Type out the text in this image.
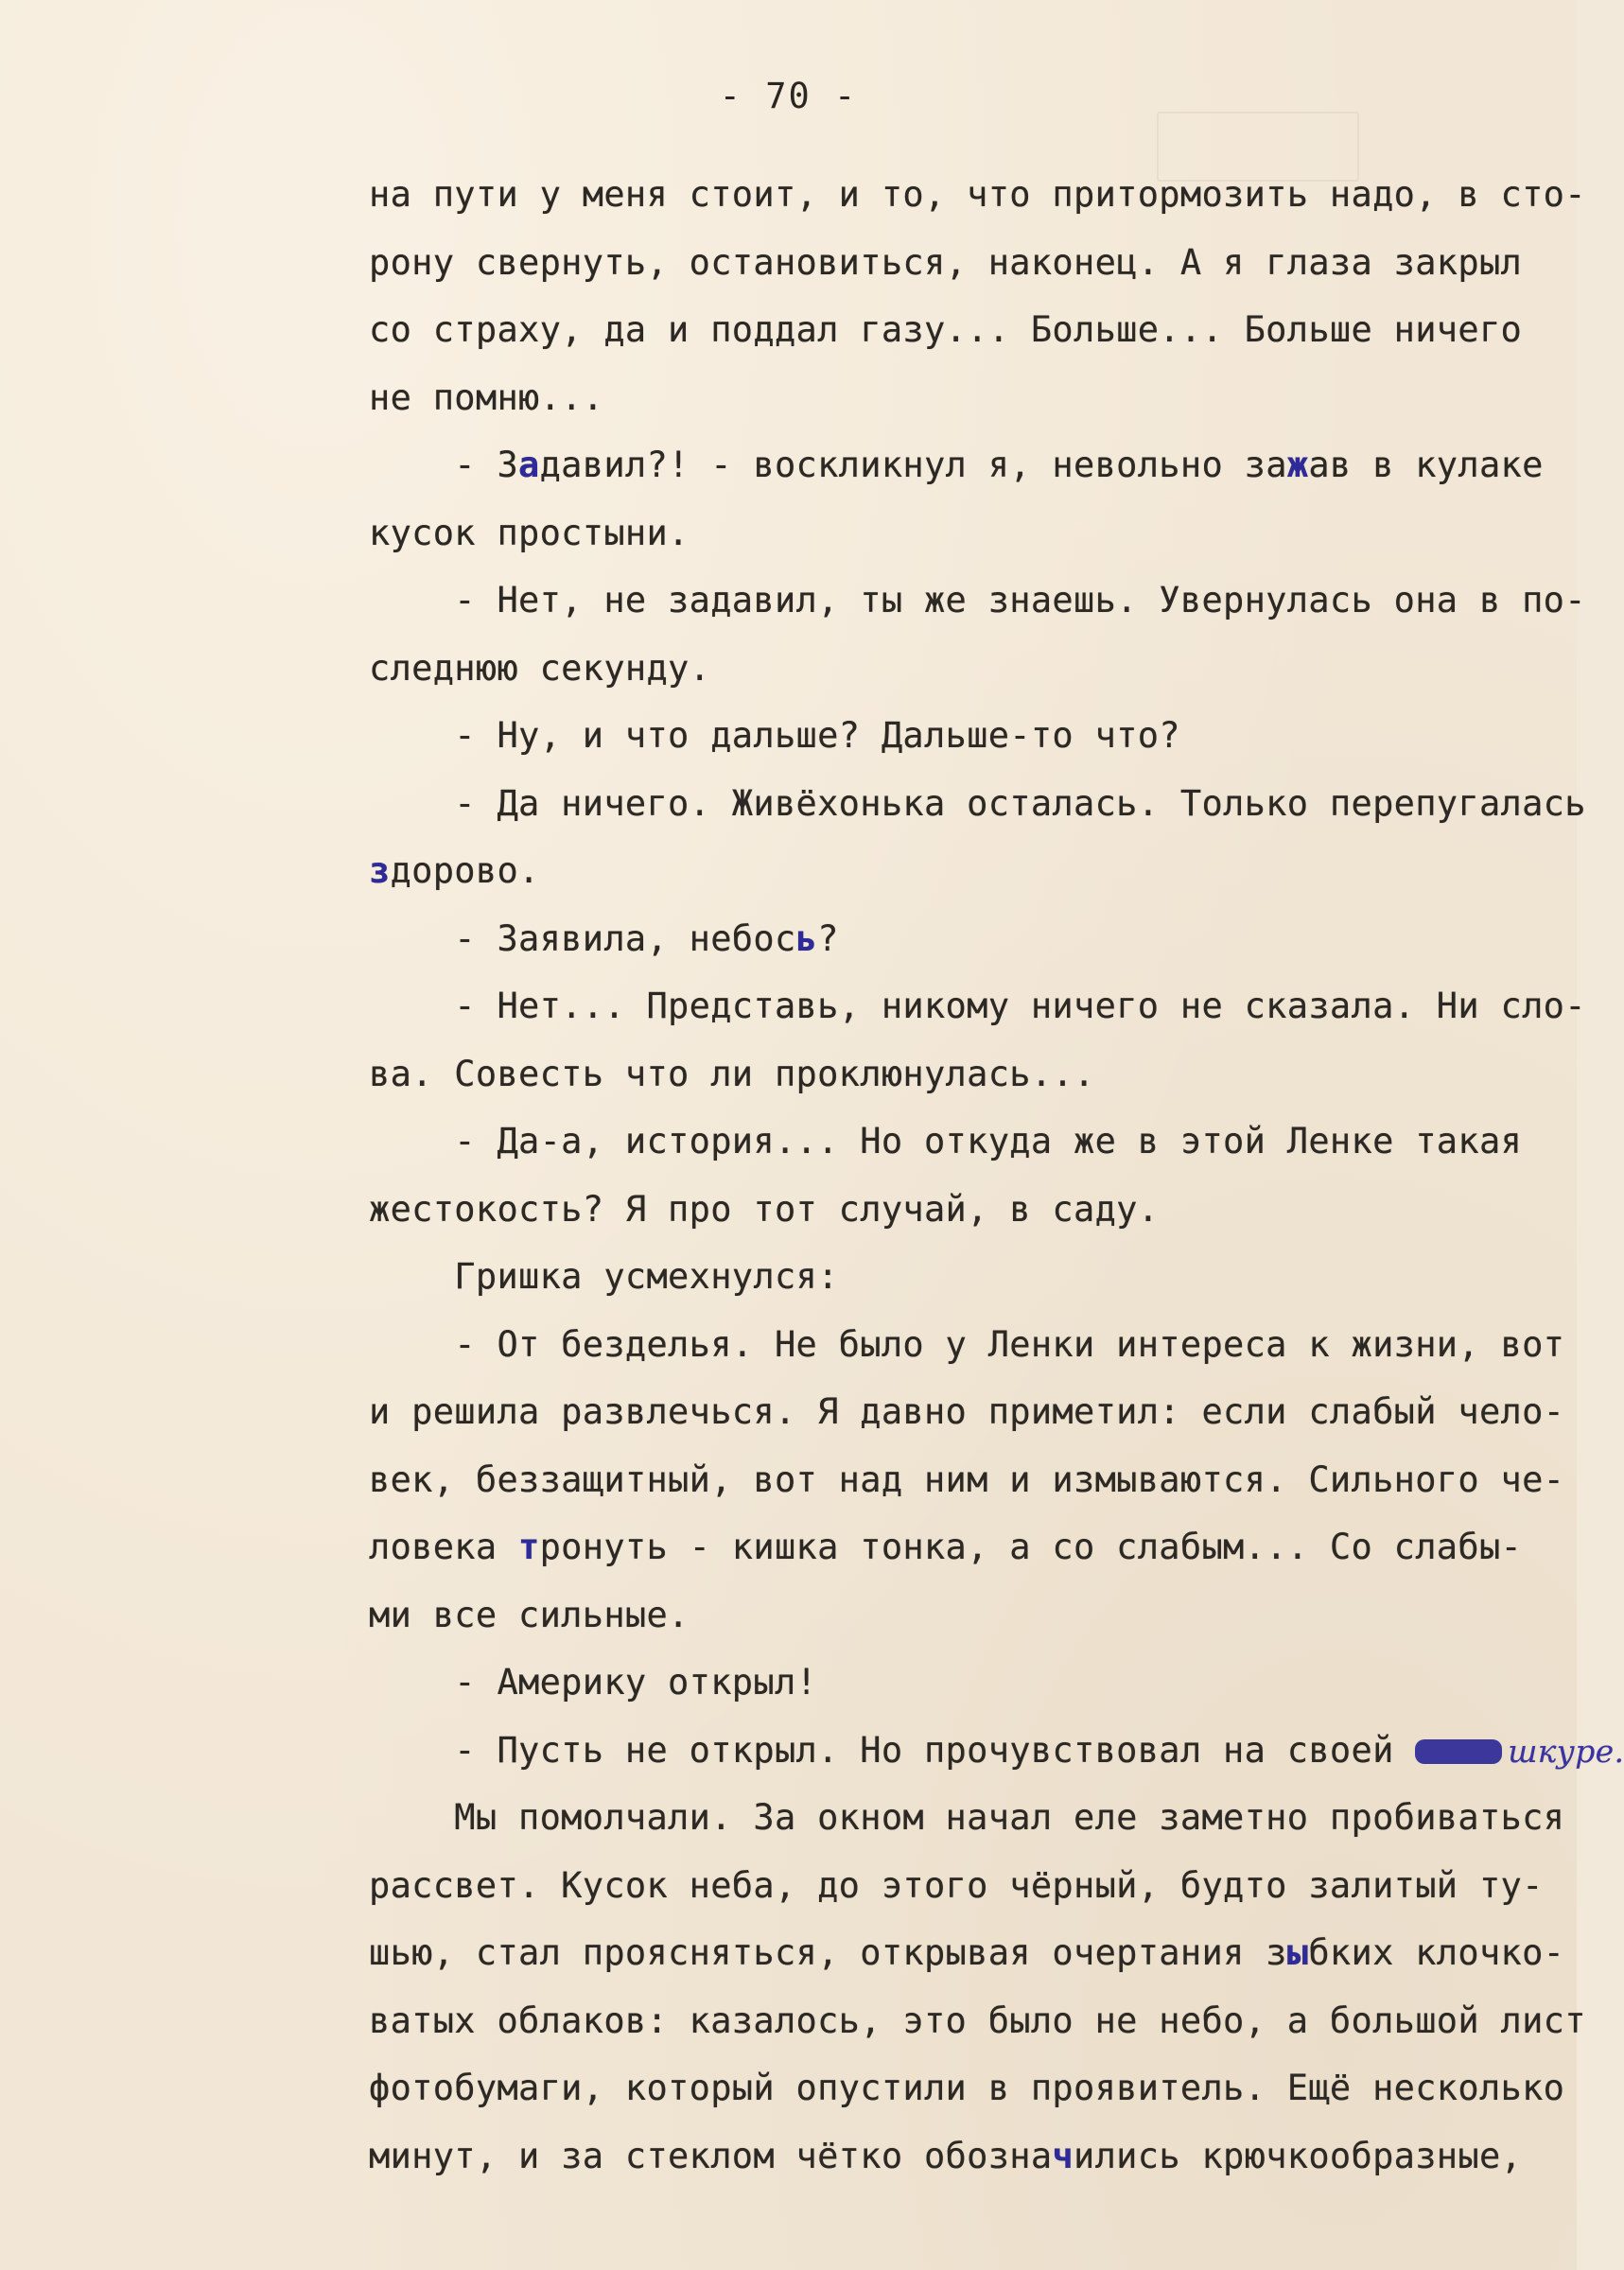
- 70 -
на пути у меня стоит, и то, что притормозить надо, в сто-
рону свернуть, остановиться, наконец. А я глаза закрыл
со страху, да и поддал газу... Больше... Больше ничего
не помню...
- Задавил?! - воскликнул я, невольно зажав в кулаке
кусок простыни.
- Нет, не задавил, ты же знаешь. Увернулась она в по-
следнюю секунду.
- Ну, и что дальше? Дальше-то что?
- Да ничего. Живёхонька осталась. Только перепугалась
здорово.
- Заявила, небось?
- Нет... Представь, никому ничего не сказала. Ни сло-
ва. Совесть что ли проклюнулась...
- Да-а, история... Но откуда же в этой Ленке такая
жестокость? Я про тот случай, в саду.
Гришка усмехнулся:
- От безделья. Не было у Ленки интереса к жизни, вот
и решила развлечься. Я давно приметил: если слабый чело-
век, беззащитный, вот над ним и измываются. Сильного че-
ловека тронуть - кишка тонка, а со слабым... Со слабы-
ми все сильные.
- Америку открыл!
- Пусть не открыл. Но прочувствовал на своей	шкуре.
Мы помолчали. За окном начал еле заметно пробиваться
рассвет. Кусок неба, до этого чёрный, будто залитый ту-
шью, стал проясняться, открывая очертания зыбких клочко-
ватых облаков: казалось, это было не небо, а большой лист
фотобумаги, который опустили в проявитель. Ещё несколько
минут, и за стеклом чётко обозначились крючкообразные,
